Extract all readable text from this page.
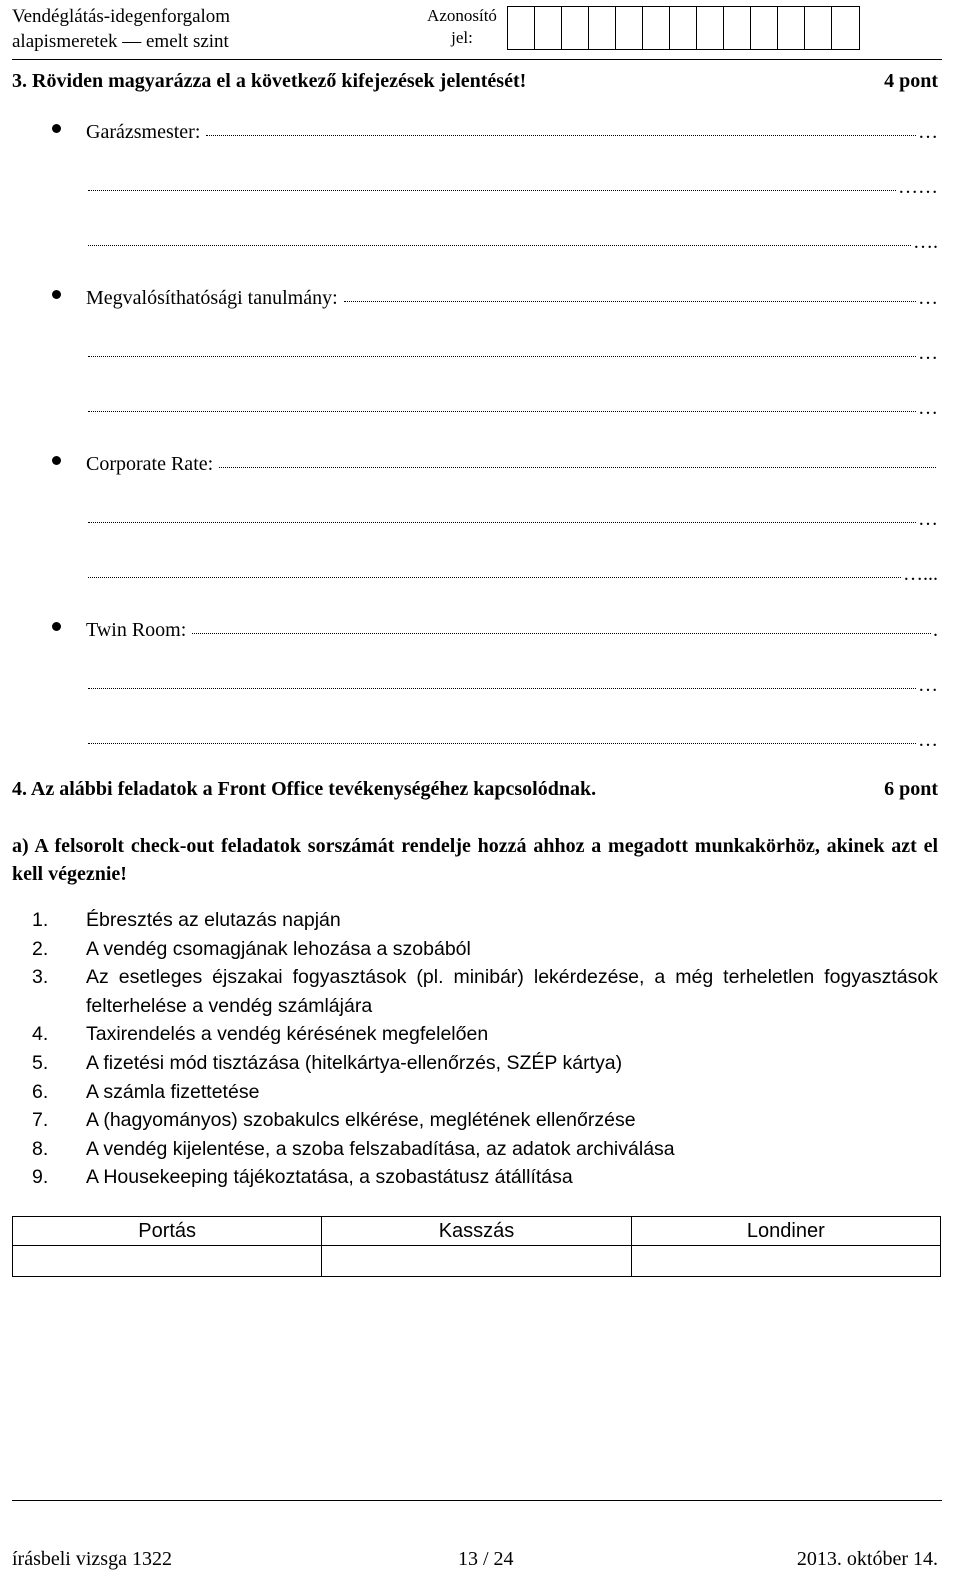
Vendéglátás-idegenforgalom
alapismeretek — emelt szint
Azonosító
jel:
3. Röviden magyarázza el a következő kifejezések jelentését!	4 pont
Garázsmester:	…
……
….
Megvalósíthatósági tanulmány:	…
…
…
Corporate Rate:
…
…...
Twin Room:	.
…
…
4. Az alábbi feladatok a Front Office tevékenységéhez kapcsolódnak.	6 pont
a) A felsorolt check-out feladatok sorszámát rendelje hozzá ahhoz a megadott munkakörhöz, akinek azt el kell végeznie!
1.	Ébresztés az elutazás napján
2.	A vendég csomagjának lehozása a szobából
3.	Az esetleges éjszakai fogyasztások (pl. minibár) lekérdezése, a még terheletlen fogyasztások felterhelése a vendég számlájára
4.	Taxirendelés a vendég kérésének megfelelően
5.	A fizetési mód tisztázása (hitelkártya-ellenőrzés, SZÉP kártya)
6.	A számla fizettetése
7.	A (hagyományos) szobakulcs elkérése, meglétének ellenőrzése
8.	A vendég kijelentése, a szoba felszabadítása, az adatok archiválása
9.	A Housekeeping tájékoztatása, a szobastátusz átállítása
Portás	Kasszás	Londiner

írásbeli vizsga 1322	13 / 24	2013. október 14.
